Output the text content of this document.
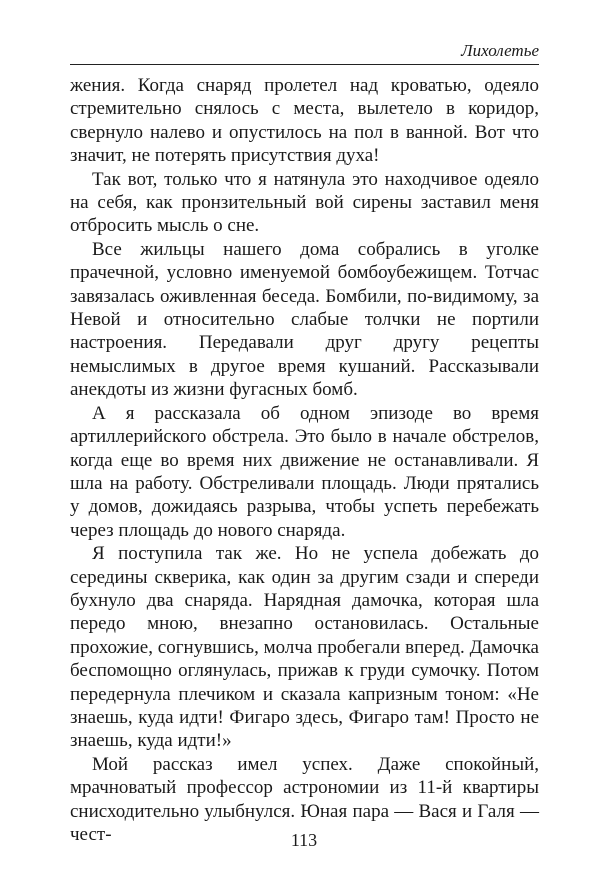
Лихолетье

жения. Когда снаряд пролетел над кроватью, одеяло стремительно снялось с места, вылетело в коридор, свернуло налево и опустилось на пол в ванной. Вот что значит, не потерять присутствия духа!

Так вот, только что я натянула это находчивое одеяло на себя, как пронзительный вой сирены заставил меня отбросить мысль о сне.

Все жильцы нашего дома собрались в уголке прачечной, условно именуемой бомбоубежищем. Тотчас завязалась оживленная беседа. Бомбили, по-видимому, за Невой и относительно слабые толчки не портили настроения. Передавали друг другу рецепты немыслимых в другое время кушаний. Рассказывали анекдоты из жизни фугасных бомб.

А я рассказала об одном эпизоде во время артиллерийского обстрела. Это было в начале обстрелов, когда еще во время них движение не останавливали. Я шла на работу. Обстреливали площадь. Люди прятались у домов, дожидаясь разрыва, чтобы успеть перебежать через площадь до нового снаряда.

Я поступила так же. Но не успела добежать до середины скверика, как один за другим сзади и спереди бухнуло два снаряда. Нарядная дамочка, которая шла передо мною, внезапно остановилась. Остальные прохожие, согнувшись, молча пробегали вперед. Дамочка беспомощно оглянулась, прижав к груди сумочку. Потом передернула плечиком и сказала капризным тоном: «Не знаешь, куда идти! Фигаро здесь, Фигаро там! Просто не знаешь, куда идти!»

Мой рассказ имел успех. Даже спокойный, мрачноватый профессор астрономии из 11-й квартиры снисходительно улыбнулся. Юная пара — Вася и Галя — чест-	113
